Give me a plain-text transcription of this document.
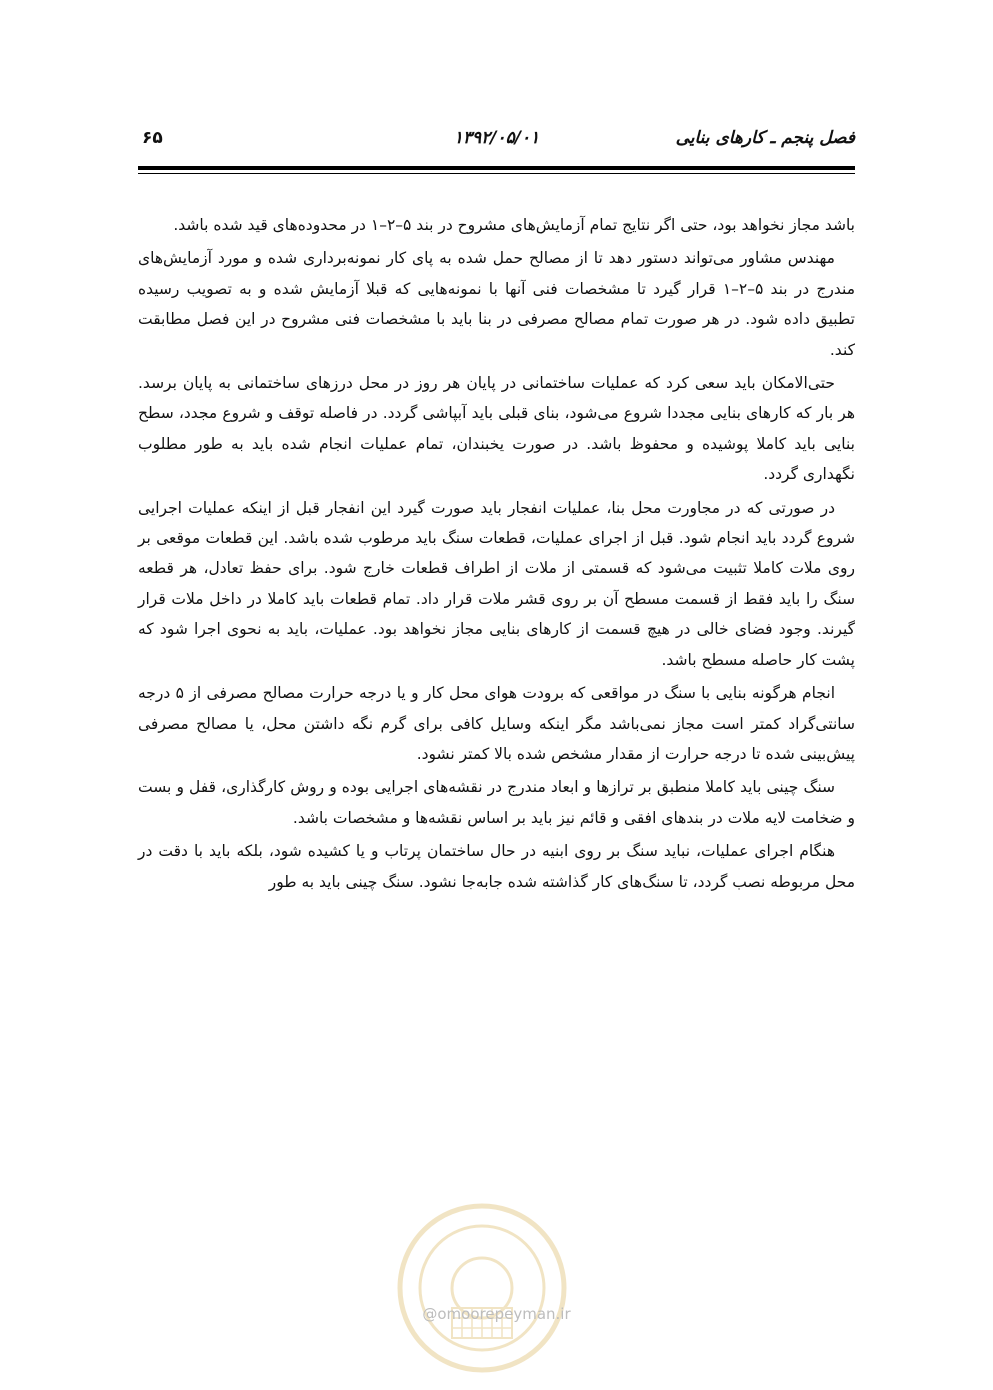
فصل پنجم ـ کارهای بنایی
۱۳۹۲/۰۵/۰۱
۶۵

باشد مجاز نخواهد بود، حتی اگر نتایج تمام آزمایش‌های مشروح در بند ۵–۲–۱ در محدوده‌های قید شده باشد.

مهندس مشاور می‌تواند دستور دهد تا از مصالح حمل شده به پای کار نمونه‌برداری شده و مورد آزمایش‌های مندرج در بند ۵–۲–۱ قرار گیرد تا مشخصات فنی آنها با نمونه‌هایی که قبلا آزمایش شده و به تصویب رسیده تطبیق داده شود. در هر صورت تمام مصالح مصرفی در بنا باید با مشخصات فنی مشروح در این فصل مطابقت کند.

حتی‌الامکان باید سعی کرد که عملیات ساختمانی در پایان هر روز در محل درزهای ساختمانی به پایان برسد. هر بار که کارهای بنایی مجددا شروع می‌شود، بنای قبلی باید آبپاشی گردد. در فاصله توقف و شروع مجدد، سطح بنایی باید کاملا پوشیده و محفوظ باشد. در صورت یخبندان، تمام عملیات انجام شده باید به طور مطلوب نگهداری گردد.

در صورتی که در مجاورت محل بنا، عملیات انفجار باید صورت گیرد این انفجار قبل از اینکه عملیات اجرایی شروع گردد باید انجام شود. قبل از اجرای عملیات، قطعات سنگ باید مرطوب شده باشد. این قطعات موقعی بر روی ملات کاملا تثبیت می‌شود که قسمتی از ملات از اطراف قطعات خارج شود. برای حفظ تعادل، هر قطعه سنگ را باید فقط از قسمت مسطح آن بر روی قشر ملات قرار داد. تمام قطعات باید کاملا در داخل ملات قرار گیرند. وجود فضای خالی در هیچ قسمت از کارهای بنایی مجاز نخواهد بود. عملیات، باید به نحوی اجرا شود که پشت کار حاصله مسطح باشد.

انجام هرگونه بنایی با سنگ در مواقعی که برودت هوای محل کار و یا درجه حرارت مصالح مصرفی از ۵ درجه سانتی‌گراد کمتر است مجاز نمی‌باشد مگر اینکه وسایل کافی برای گرم نگه داشتن محل، یا مصالح مصرفی پیش‌بینی شده تا درجه حرارت از مقدار مشخص شده بالا کمتر نشود.

سنگ چینی باید کاملا منطبق بر ترازها و ابعاد مندرج در نقشه‌های اجرایی بوده و روش کارگذاری، قفل و بست و ضخامت لایه ملات در بندهای افقی و قائم نیز باید بر اساس نقشه‌ها و مشخصات باشد.

هنگام اجرای عملیات، نباید سنگ بر روی ابنیه در حال ساختمان پرتاب و یا کشیده شود، بلکه باید با دقت در محل مربوطه نصب گردد، تا سنگ‌های کار گذاشته شده جابه‌جا نشود. سنگ چینی باید به طور

@omoorepeyman.ir
